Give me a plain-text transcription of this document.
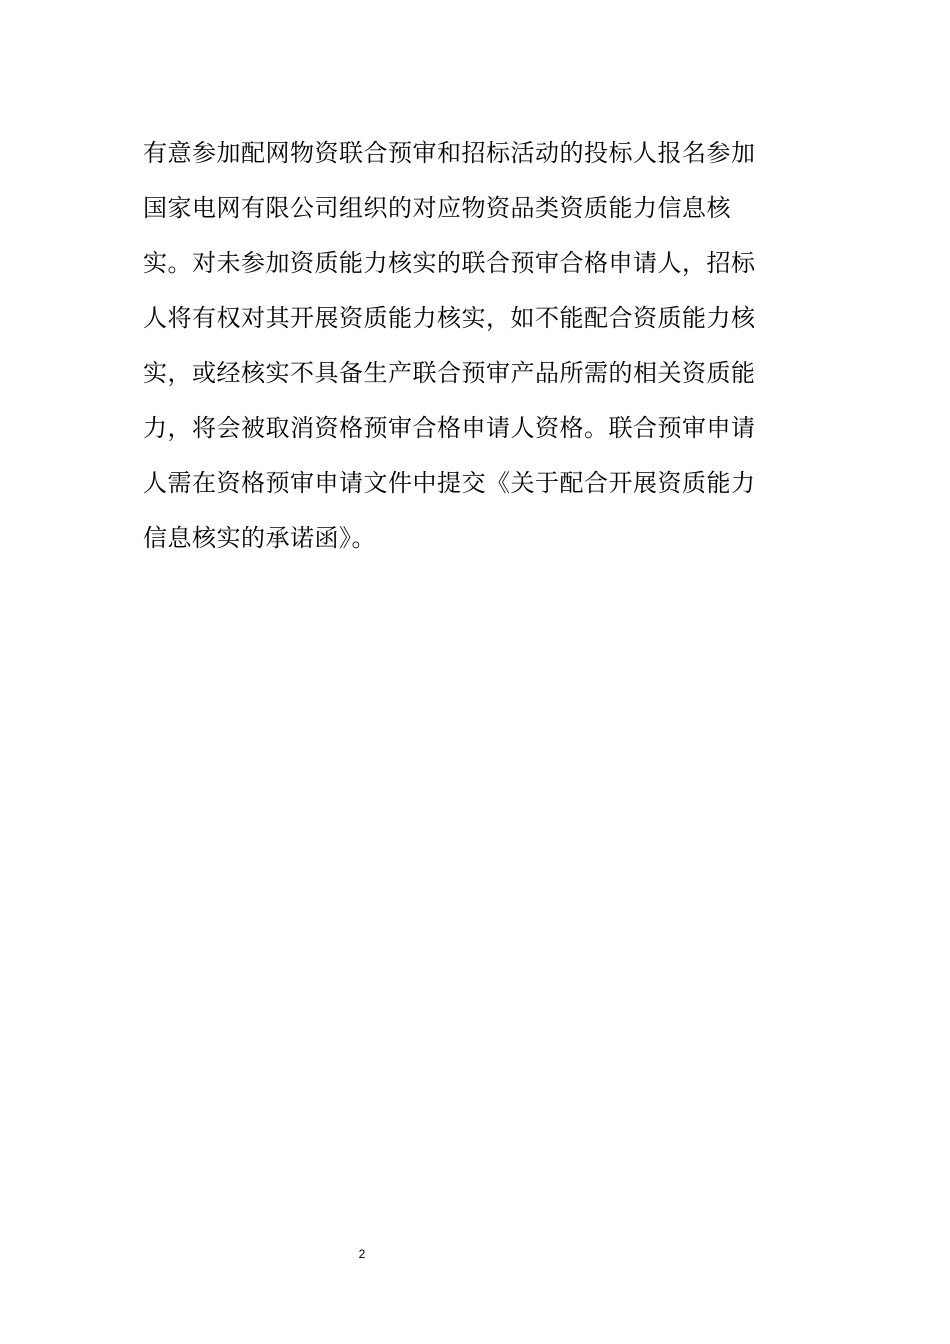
有意参加配网物资联合预审和招标活动的投标人报名参加
国家电网有限公司组织的对应物资品类资质能力信息核
实。对未参加资质能力核实的联合预审合格申请人，招标
人将有权对其开展资质能力核实，如不能配合资质能力核
实，或经核实不具备生产联合预审产品所需的相关资质能
力，将会被取消资格预审合格申请人资格。联合预审申请
人需在资格预审申请文件中提交《关于配合开展资质能力
信息核实的承诺函》。

2
